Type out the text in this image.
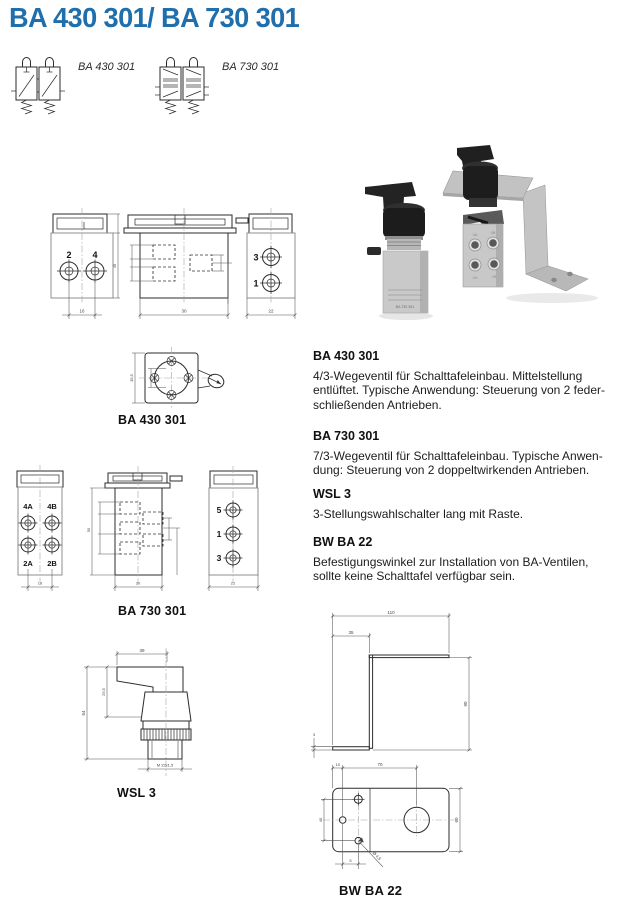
BA 430 301/ BA 730 301
BA 430 301	BA 730 301
BA 730 301
4A	4B
2A	2B
2 4
16
45
30
3
1
22
35,5
BA 430 301
BA 430 301
4/3-Wegeventil für Schalttafeleinbau. Mittelstellung
entlüftet. Typische Anwendung: Steuerung von 2 feder-
schließenden Antrieben.
BA 730 301
7/3-Wegeventil für Schalttafeleinbau. Typische Anwen-
dung: Steuerung von 2 doppeltwirkenden Antrieben.
WSL 3
3-Stellungswahlschalter lang mit Raste.
BW BA 22
Befestigungswinkel zur Installation von BA-Ventilen,
sollte keine Schalttafel verfügbar sein.
4A 4B
2A 2B
16
50
30
5
1
3
22
BA 730 301
39
M 22x1,5
64
29,5
WSL 3
110
35
90
3
10	70
40	60
5	Ø 4,5
BW BA 22
